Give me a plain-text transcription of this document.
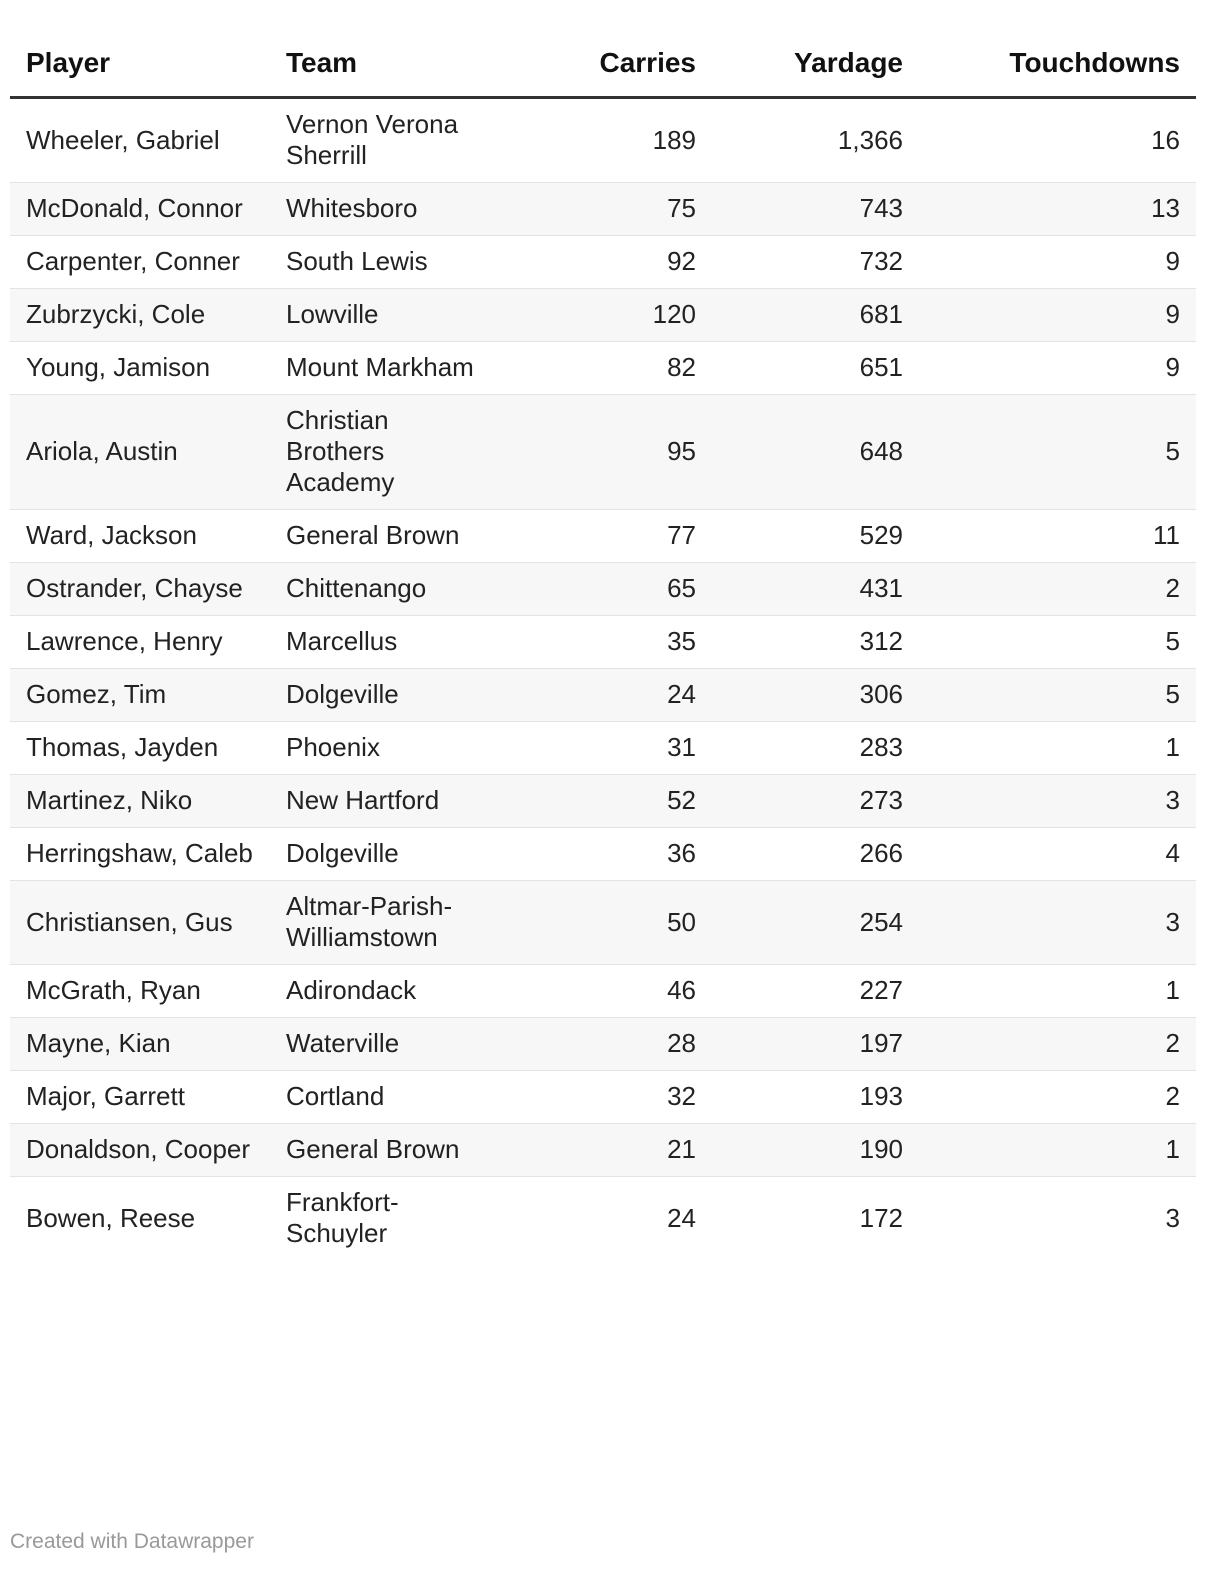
Player	Team	Carries	Yardage	Touchdowns
Wheeler, Gabriel	Vernon Verona Sherrill	189	1,366	16
McDonald, Connor	Whitesboro	75	743	13
Carpenter, Conner	South Lewis	92	732	9
Zubrzycki, Cole	Lowville	120	681	9
Young, Jamison	Mount Markham	82	651	9
Ariola, Austin	Christian Brothers Academy	95	648	5
Ward, Jackson	General Brown	77	529	11
Ostrander, Chayse	Chittenango	65	431	2
Lawrence, Henry	Marcellus	35	312	5
Gomez, Tim	Dolgeville	24	306	5
Thomas, Jayden	Phoenix	31	283	1
Martinez, Niko	New Hartford	52	273	3
Herringshaw, Caleb	Dolgeville	36	266	4
Christiansen, Gus	Altmar-Parish-Williamstown	50	254	3
McGrath, Ryan	Adirondack	46	227	1
Mayne, Kian	Waterville	28	197	2
Major, Garrett	Cortland	32	193	2
Donaldson, Cooper	General Brown	21	190	1
Bowen, Reese	Frankfort-Schuyler	24	172	3
Created with Datawrapper
